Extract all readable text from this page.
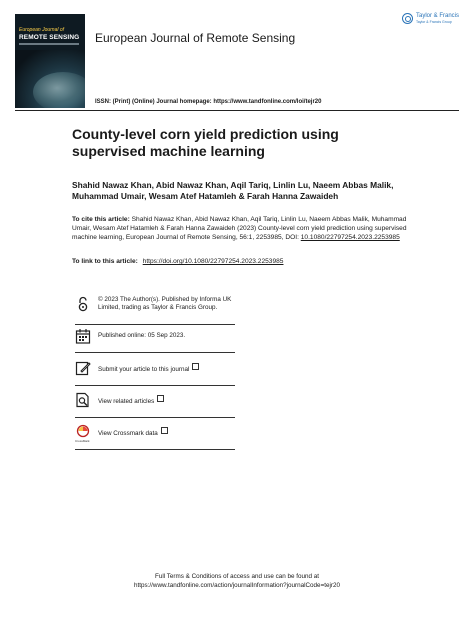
European Journal of
REMOTE SENSING European Journal of Remote Sensing
ISSN: (Print) (Online) Journal homepage: https://www.tandfonline.com/loi/tejr20
Taylor & Francis
Taylor & Francis Group
County-level corn yield prediction using supervised machine learning
Shahid Nawaz Khan, Abid Nawaz Khan, Aqil Tariq, Linlin Lu, Naeem Abbas Malik, Muhammad Umair, Wesam Atef Hatamleh & Farah Hanna Zawaideh
To cite this article: Shahid Nawaz Khan, Abid Nawaz Khan, Aqil Tariq, Linlin Lu, Naeem Abbas Malik, Muhammad Umair, Wesam Atef Hatamleh & Farah Hanna Zawaideh (2023) County-level corn yield prediction using supervised machine learning, European Journal of Remote Sensing, 56:1, 2253985, DOI: 10.1080/22797254.2023.2253985
To link to this article: https://doi.org/10.1080/22797254.2023.2253985
© 2023 The Author(s). Published by Informa UK Limited, trading as Taylor & Francis Group.
Published online: 05 Sep 2023.
Submit your article to this journal
View related articles
CrossMark
View Crossmark data
Full Terms & Conditions of access and use can be found at
https://www.tandfonline.com/action/journalInformation?journalCode=tejr20
